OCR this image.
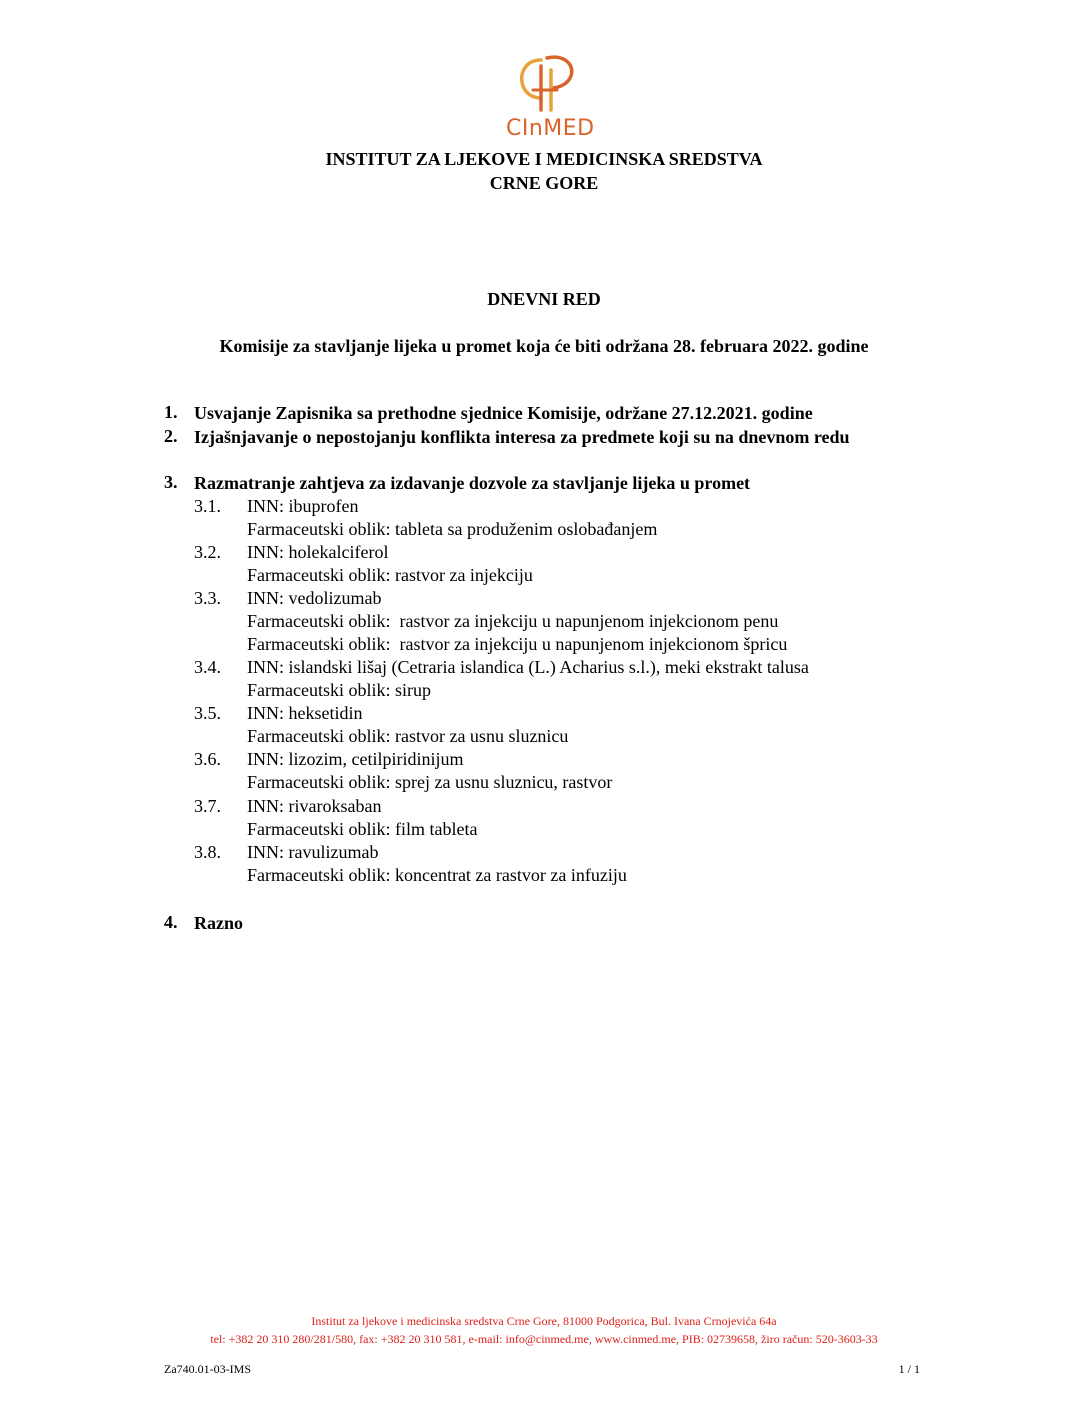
CInMED
INSTITUT ZA LJEKOVE I MEDICINSKA SREDSTVA
CRNE GORE
DNEVNI RED
Komisije za stavljanje lijeka u promet koja će biti održana 28. februara 2022. godine
1. Usvajanje Zapisnika sa prethodne sjednice Komisije, održane 27.12.2021. godine
2. Izjašnjavanje o nepostojanju konflikta interesa za predmete koji su na dnevnom redu
3. Razmatranje zahtjeva za izdavanje dozvole za stavljanje lijeka u promet
3.1.	INN: ibuprofen
Farmaceutski oblik: tableta sa produženim oslobađanjem
3.2.	INN: holekalciferol
Farmaceutski oblik: rastvor za injekciju
3.3.	INN: vedolizumab
Farmaceutski oblik:  rastvor za injekciju u napunjenom injekcionom penu
Farmaceutski oblik:  rastvor za injekciju u napunjenom injekcionom špricu
3.4.	INN: islandski lišaj (Cetraria islandica (L.) Acharius s.l.), meki ekstrakt talusa
Farmaceutski oblik: sirup
3.5.	INN: heksetidin
Farmaceutski oblik: rastvor za usnu sluznicu
3.6.	INN: lizozim, cetilpiridinijum
Farmaceutski oblik: sprej za usnu sluznicu, rastvor
3.7.	INN: rivaroksaban
Farmaceutski oblik: film tableta
3.8.	INN: ravulizumab
Farmaceutski oblik: koncentrat za rastvor za infuziju
4. Razno
Institut za ljekove i medicinska sredstva Crne Gore, 81000 Podgorica, Bul. Ivana Crnojevića 64a
tel: +382 20 310 280/281/580, fax: +382 20 310 581, e-mail: info@cinmed.me, www.cinmed.me, PIB: 02739658, žiro račun: 520-3603-33
Za740.01-03-IMS	1 / 1
